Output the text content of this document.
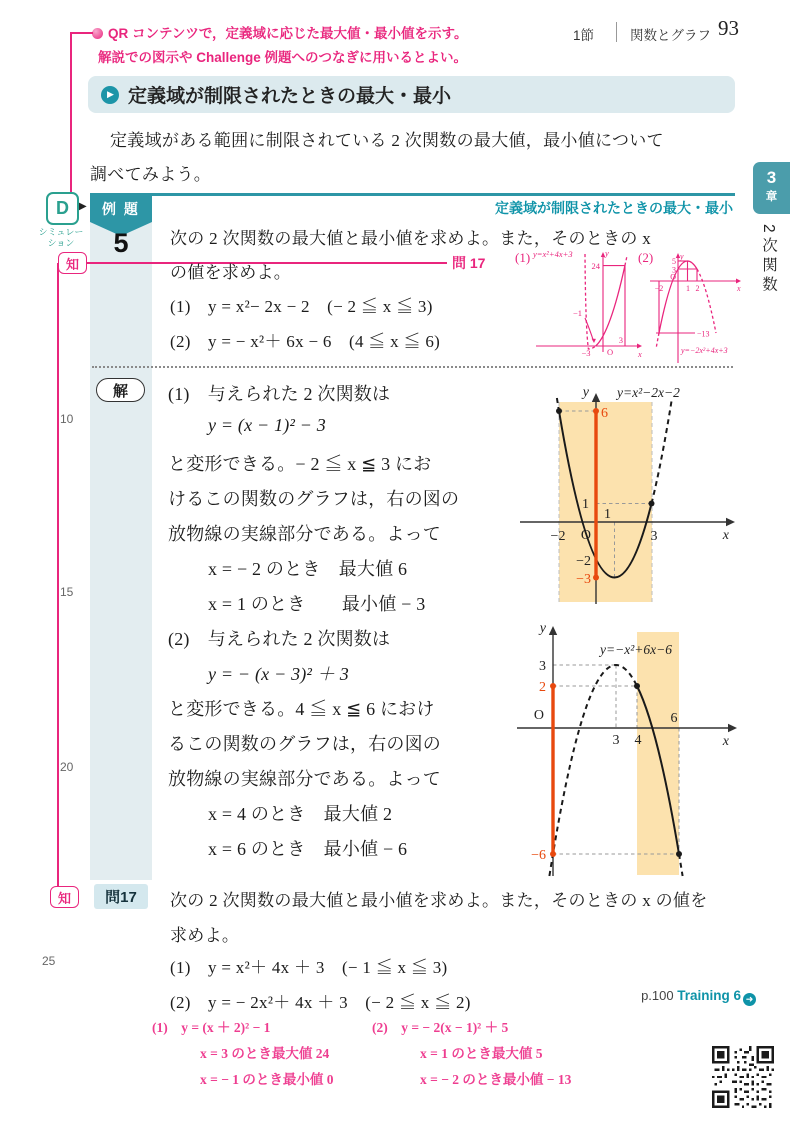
QR コンテンツで，定義域に応じた最大値・最小値を示す。
解説での図示や Challenge 例題へのつなぎに用いるとよい。
1節	関数とグラフ 93
3
章
2次関数
▶ 定義域が制限されたときの最大・最小
定義域がある範囲に制限されている 2 次関数の最大値，最小値について
調べてみよう。
D ▶
シミュレー
ション
10
15
20
25
例 題
5
定義域が制限されたときの最大・最小
知	問 17
次の 2 次関数の最大値と最小値を求めよ。また，そのときの x
の値を求めよ。
(1)　y = x²− 2x − 2　(− 2 ≦ x ≦ 3)
(2)　y = − x²＋ 6x − 6　(4 ≦ x ≦ 6)
(1) y=x²+4x+3
24
−1
−3 O
3
x
y (2) 5
3
O
−2	1 2
−13
x
y
y=−2x²+4x+3
解	(1)　与えられた 2 次関数は
y = (x − 1)² − 3
と変形できる。− 2 ≦ x ≦ 3 にお
けるこの関数のグラフは，右の図の
放物線の実線部分である。よって
x = − 2 のとき　最大値 6
x = 1 のとき　　最小値 − 3
(2)　与えられた 2 次関数は
y = − (x − 3)² ＋ 3
と変形できる。4 ≦ x ≦ 6 におけ
るこの関数のグラフは，右の図の
放物線の実線部分である。よって
x = 4 のとき　最大値 2
x = 6 のとき　最小値 − 6
y y=x²−2x−2
6
1
1
O
−2	3	x
−2
−3
y
y=−x²+6x−6
3
2
O
3 4
6
x
−6
知	問17	次の 2 次関数の最大値と最小値を求めよ。また，そのときの x の値を
求めよ。
(1)　y = x²＋ 4x ＋ 3　(− 1 ≦ x ≦ 3)
(2)　y = − 2x²＋ 4x ＋ 3　(− 2 ≦ x ≦ 2)	p.100 Training 6 ➜
(1)　y = (x ＋ 2)² − 1
x = 3 のとき最大値 24
x = − 1 のとき最小値 0
(2)　y = − 2(x − 1)² ＋ 5
x = 1 のとき最大値 5
x = − 2 のとき最小値 − 13
